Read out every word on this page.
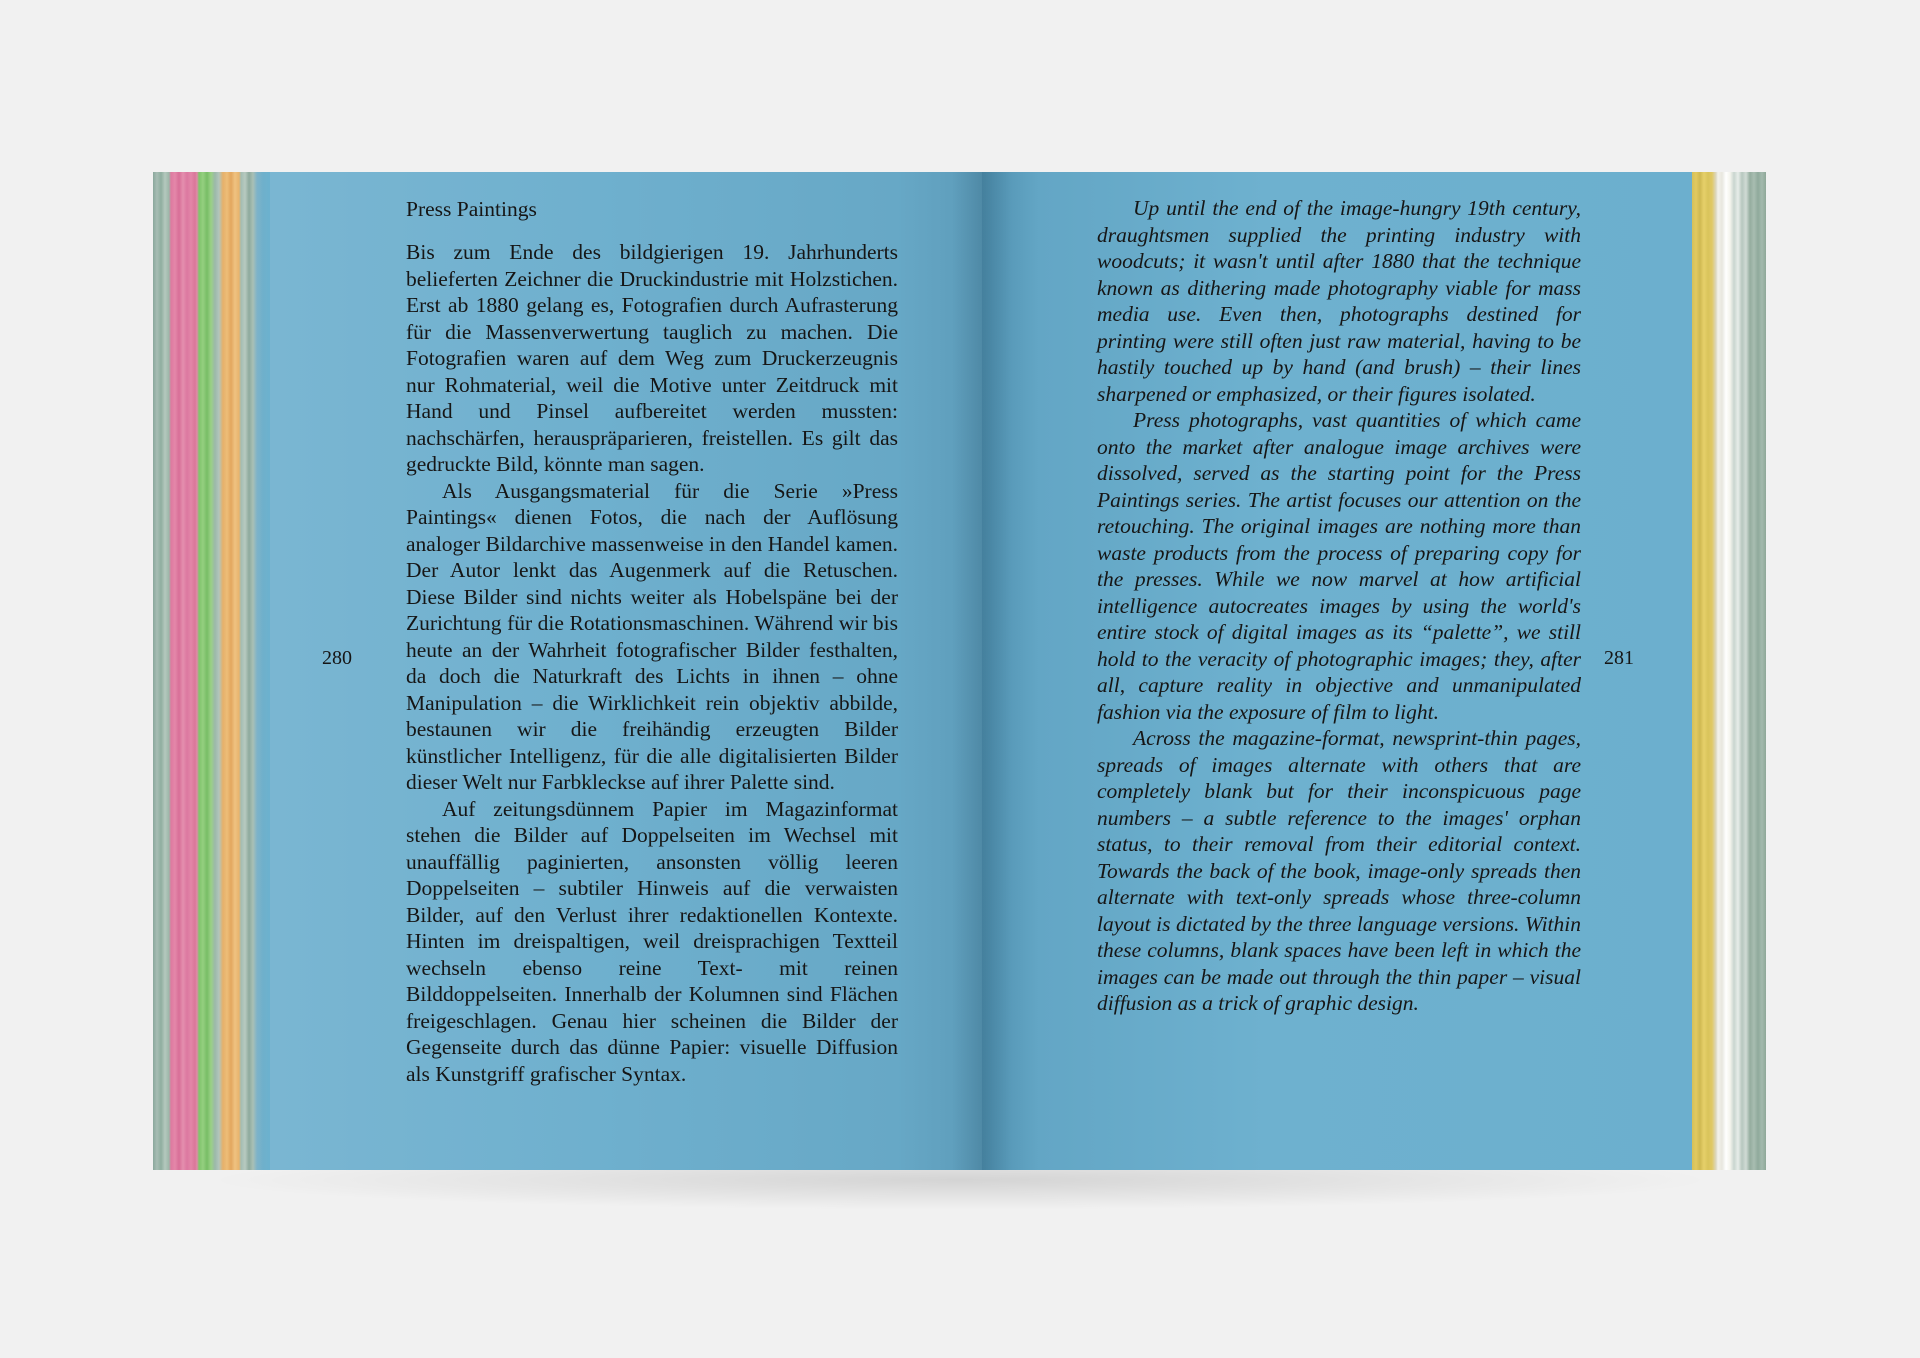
Press Paintings

Bis zum Ende des bildgierigen 19. Jahrhunderts belieferten Zeichner die Druckindustrie mit Holzstichen. Erst ab 1880 gelang es, Fotografien durch Aufrasterung für die Massenverwertung tauglich zu machen. Die Fotografien waren auf dem Weg zum Druckerzeugnis nur Rohmaterial, weil die Motive unter Zeitdruck mit Hand und Pinsel aufbereitet werden mussten: nachschärfen, herauspräparieren, freistellen. Es gilt das gedruckte Bild, könnte man sagen.

Als Ausgangsmaterial für die Serie »Press Paintings« dienen Fotos, die nach der Auflösung analoger Bildarchive massenweise in den Handel kamen. Der Autor lenkt das Augenmerk auf die Retuschen. Diese Bilder sind nichts weiter als Hobelspäne bei der Zurichtung für die Rotationsmaschinen. Während wir bis heute an der Wahrheit fotografischer Bilder festhalten, da doch die Naturkraft des Lichts in ihnen – ohne Manipulation – die Wirklichkeit rein objektiv abbilde, bestaunen wir die freihändig erzeugten Bilder künstlicher Intelligenz, für die alle digitalisierten Bilder dieser Welt nur Farbkleckse auf ihrer Palette sind.

Auf zeitungsdünnem Papier im Magazinformat stehen die Bilder auf Doppelseiten im Wechsel mit unauffällig paginierten, ansonsten völlig leeren Doppelseiten – subtiler Hinweis auf die verwaisten Bilder, auf den Verlust ihrer redaktionellen Kontexte. Hinten im dreispaltigen, weil dreisprachigen Textteil wechseln ebenso reine Text- mit reinen Bilddoppelseiten. Innerhalb der Kolumnen sind Flächen freigeschlagen. Genau hier scheinen die Bilder der Gegenseite durch das dünne Papier: visuelle Diffusion als Kunstgriff grafischer Syntax.

Up until the end of the image-hungry 19th century, draughtsmen supplied the printing industry with woodcuts; it wasn't until after 1880 that the technique known as dithering made photography viable for mass media use. Even then, photographs destined for printing were still often just raw material, having to be hastily touched up by hand (and brush) – their lines sharpened or emphasized, or their figures isolated.

Press photographs, vast quantities of which came onto the market after analogue image archives were dissolved, served as the starting point for the Press Paintings series. The artist focuses our attention on the retouching. The original images are nothing more than waste products from the process of preparing copy for the presses. While we now marvel at how artificial intelligence autocreates images by using the world's entire stock of digital images as its “palette”, we still hold to the veracity of photographic images; they, after all, capture reality in objective and unmanipulated fashion via the exposure of film to light.

Across the magazine-format, newsprint-thin pages, spreads of images alternate with others that are completely blank but for their inconspicuous page numbers – a subtle reference to the images' orphan status, to their removal from their editorial context. Towards the back of the book, image-only spreads then alternate with text-only spreads whose three-column layout is dictated by the three language versions. Within these columns, blank spaces have been left in which the images can be made out through the thin paper – visual diffusion as a trick of graphic design.

280	281
